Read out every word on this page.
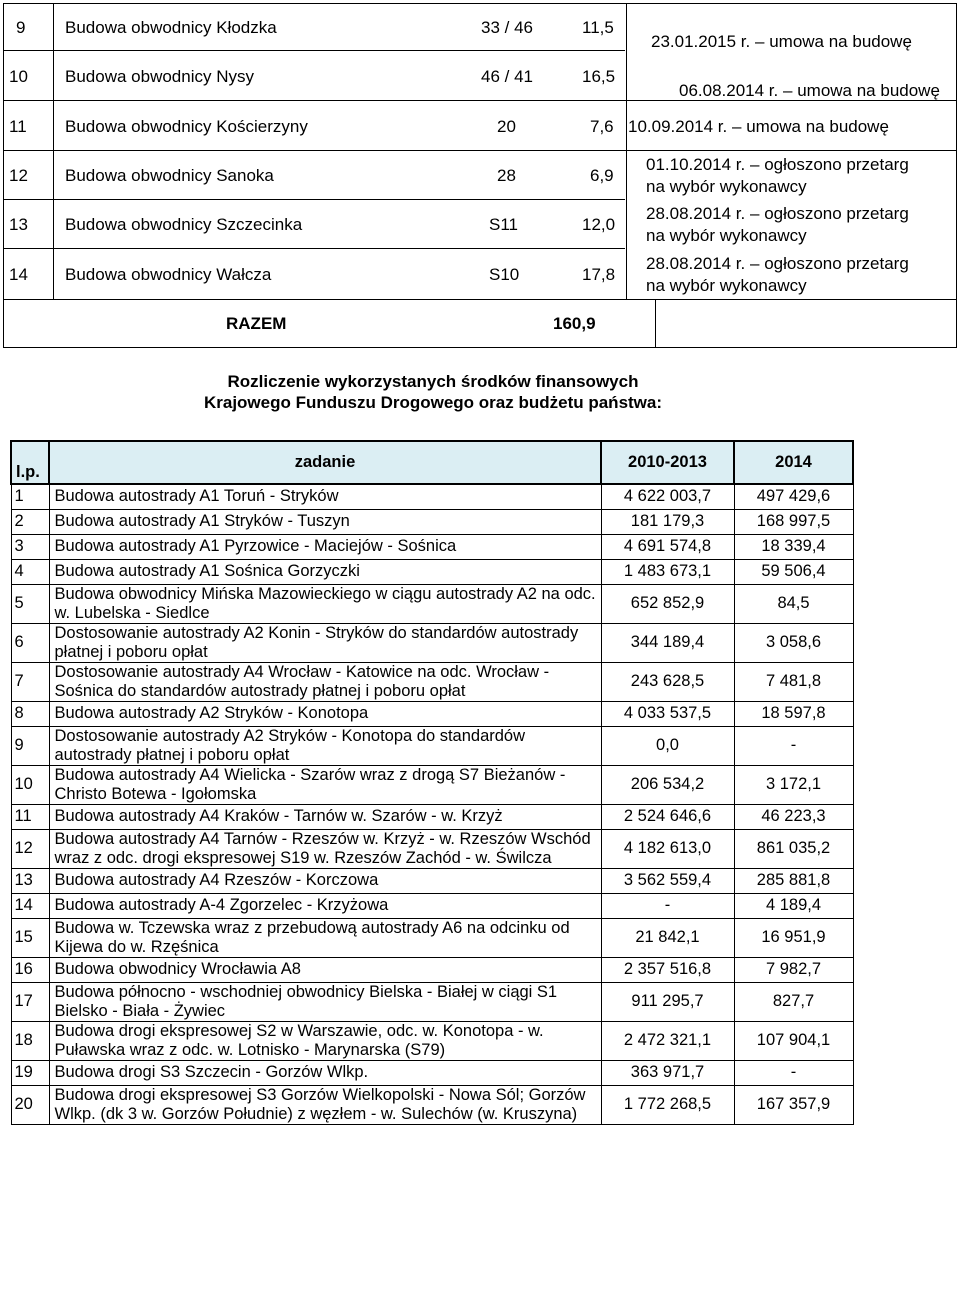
9 Budowa obwodnicy Kłodzka	33 / 46	11,5
23.01.2015 r. – umowa na budowę
10 Budowa obwodnicy Nysy	46 / 41	16,5
06.08.2014 r. – umowa na budowę
11 Budowa obwodnicy Kościerzyny	20	7,6 10.09.2014 r. – umowa na budowę
12 Budowa obwodnicy Sanoka	28	6,9
01.10.2014 r. – ogłoszono przetarg
na wybór wykonawcy
13 Budowa obwodnicy Szczecinka	S11	12,0
28.08.2014 r. – ogłoszono przetarg
na wybór wykonawcy
14 Budowa obwodnicy Wałcza	S10	17,8
28.08.2014 r. – ogłoszono przetarg
na wybór wykonawcy
RAZEM	160,9
Rozliczenie wykorzystanych środków finansowych
Krajowego Funduszu Drogowego oraz budżetu państwa:
l.p.	zadanie	2010-2013	2014
1	Budowa autostrady A1 Toruń - Stryków	4 622 003,7	497 429,6
2	Budowa autostrady A1 Stryków - Tuszyn	181 179,3	168 997,5
3	Budowa autostrady A1 Pyrzowice - Maciejów - Sośnica	4 691 574,8	18 339,4
4	Budowa autostrady A1 Sośnica Gorzyczki	1 483 673,1	59 506,4
5	Budowa obwodnicy Mińska Mazowieckiego w ciągu autostrady A2 na odc. w. Lubelska - Siedlce	652 852,9	84,5
6	Dostosowanie autostrady A2 Konin - Stryków do standardów autostrady płatnej i poboru opłat	344 189,4	3 058,6
7	Dostosowanie autostrady A4 Wrocław - Katowice na odc. Wrocław - Sośnica do standardów autostrady płatnej i poboru opłat	243 628,5	7 481,8
8	Budowa autostrady A2 Stryków - Konotopa	4 033 537,5	18 597,8
9	Dostosowanie autostrady A2 Stryków - Konotopa do standardów autostrady płatnej i poboru opłat	0,0	-
10	Budowa autostrady A4 Wielicka - Szarów wraz z drogą S7 Bieżanów - Christo Botewa - Igołomska	206 534,2	3 172,1
11	Budowa autostrady A4 Kraków - Tarnów w. Szarów - w. Krzyż	2 524 646,6	46 223,3
12	Budowa autostrady A4 Tarnów - Rzeszów w. Krzyż - w. Rzeszów Wschód wraz z odc. drogi ekspresowej S19 w. Rzeszów Zachód - w. Świlcza	4 182 613,0	861 035,2
13	Budowa autostrady A4 Rzeszów - Korczowa	3 562 559,4	285 881,8
14	Budowa autostrady A-4 Zgorzelec - Krzyżowa	-	4 189,4
15	Budowa w. Tczewska wraz z przebudową autostrady A6 na odcinku od Kijewa do w. Rzęśnica	21 842,1	16 951,9
16	Budowa obwodnicy Wrocławia A8	2 357 516,8	7 982,7
17	Budowa północno - wschodniej obwodnicy Bielska - Białej w ciągi S1 Bielsko - Biała - Żywiec	911 295,7	827,7
18	Budowa drogi ekspresowej S2 w Warszawie, odc. w. Konotopa - w. Puławska wraz z odc. w. Lotnisko - Marynarska (S79)	2 472 321,1	107 904,1
19	Budowa drogi S3 Szczecin - Gorzów Wlkp.	363 971,7	-
20	Budowa drogi ekspresowej S3 Gorzów Wielkopolski - Nowa Sól; Gorzów Wlkp. (dk 3 w. Gorzów Południe) z węzłem - w. Sulechów (w. Kruszyna)	1 772 268,5	167 357,9
